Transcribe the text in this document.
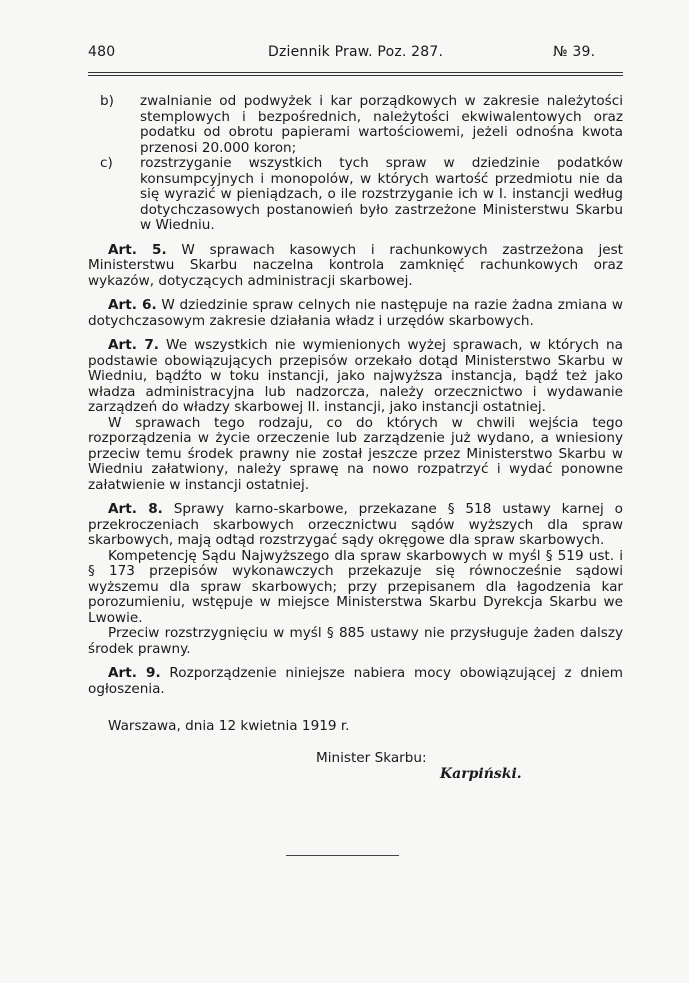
480	Dziennik Praw. Poz. 287.	№ 39.
b)	zwalnianie od podwyżek i kar porządkowych w zakresie należytości stemplowych i bezpośrednich, należytości ekwiwalentowych oraz podatku od obrotu papierami wartościowemi, jeżeli odnośna kwota przenosi 20.000 koron;
c)	rozstrzyganie wszystkich tych spraw w dziedzinie podatków konsumpcyjnych i monopolów, w których wartość przedmiotu nie da się wyrazić w pieniądzach, o ile rozstrzyganie ich w I. instancji według dotychczasowych postanowień było zastrzeżone Ministerstwu Skarbu w Wiedniu.

Art. 5. W sprawach kasowych i rachunkowych zastrzeżona jest Ministerstwu Skarbu naczelna kontrola zamknięć rachunkowych oraz wykazów, dotyczących administracji skarbowej.

Art. 6. W dziedzinie spraw celnych nie następuje na razie żadna zmiana w dotychczasowym zakresie działania władz i urzędów skarbowych.

Art. 7. We wszystkich nie wymienionych wyżej sprawach, w których na podstawie obowiązujących przepisów orzekało dotąd Ministerstwo Skarbu w Wiedniu, bądźto w toku instancji, jako najwyższa instancja, bądź też jako władza administracyjna lub nadzorcza, należy orzecznictwo i wydawanie zarządzeń do władzy skarbowej II. instancji, jako instancji ostatniej.

W sprawach tego rodzaju, co do których w chwili wejścia tego rozporządzenia w życie orzeczenie lub zarządzenie już wydano, a wniesiony przeciw temu środek prawny nie został jeszcze przez Ministerstwo Skarbu w Wiedniu załatwiony, należy sprawę na nowo rozpatrzyć i wydać ponowne załatwienie w instancji ostatniej.

Art. 8. Sprawy karno-skarbowe, przekazane § 518 ustawy karnej o przekroczeniach skarbowych orzecznictwu sądów wyższych dla spraw skarbowych, mają odtąd rozstrzygać sądy okręgowe dla spraw skarbowych.

Kompetencję Sądu Najwyższego dla spraw skarbowych w myśl § 519 ust. i § 173 przepisów wykonawczych przekazuje się równocześnie sądowi wyższemu dla spraw skarbowych; przy przepisanem dla łagodzenia kar porozumieniu, wstępuje w miejsce Ministerstwa Skarbu Dyrekcja Skarbu we Lwowie.

Przeciw rozstrzygnięciu w myśl § 885 ustawy nie przysługuje żaden dalszy środek prawny.

Art. 9. Rozporządzenie niniejsze nabiera mocy obowiązującej z dniem ogłoszenia.

Warszawa, dnia 12 kwietnia 1919 r.

Minister Skarbu:
Karpiński.
